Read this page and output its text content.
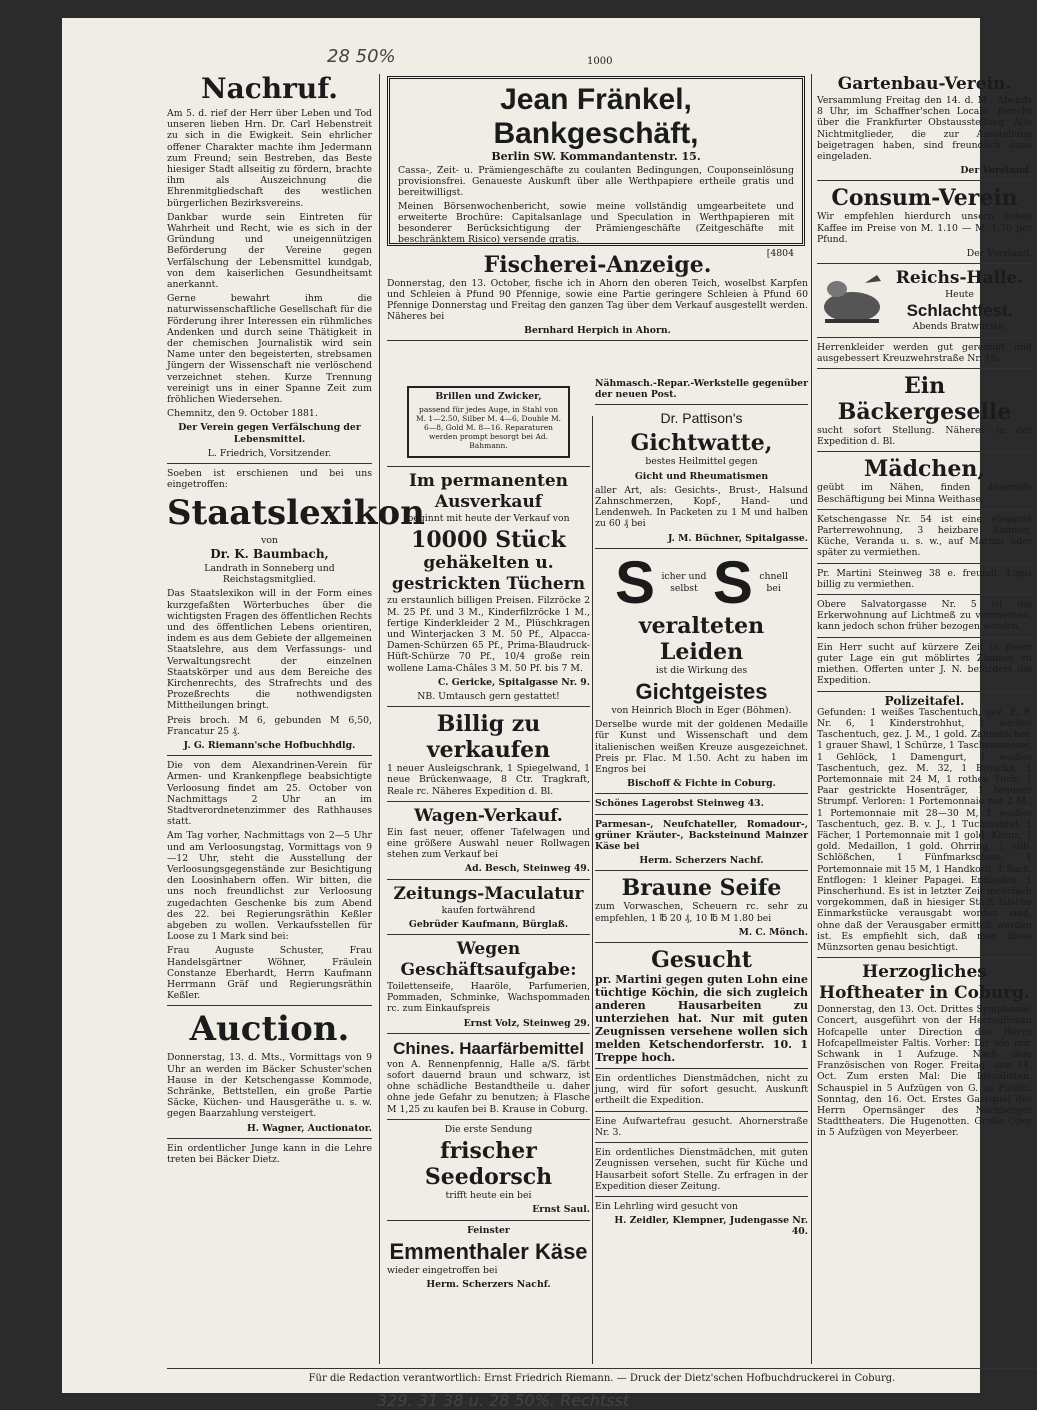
1000
28 50%
Nachruf.

Am 5. d. rief der Herr über Leben und Tod unseren lieben Hrn. Dr. Carl Hebenstreit zu sich in die Ewigkeit. Sein ehrlicher offener Charakter machte ihm Jedermann zum Freund; sein Bestreben, das Beste hiesiger Stadt allseitig zu fördern, brachte ihm als Auszeichnung die Ehrenmitgliedschaft des westlichen bürgerlichen Bezirksvereins.

Dankbar wurde sein Eintreten für Wahrheit und Recht, wie es sich in der Gründung und uneigennützigen Beförderung der Vereine gegen Verfälschung der Lebensmittel kundgab, von dem kaiserlichen Gesundheitsamt anerkannt.

Gerne bewahrt ihm die naturwissenschaftliche Gesellschaft für die Förderung ihrer Interessen ein rühmliches Andenken und durch seine Thätigkeit in der chemischen Journalistik wird sein Name unter den begeisterten, strebsamen Jüngern der Wissenschaft nie verlöschend verzeichnet stehen. Kurze Trennung vereinigt uns in einer Spanne Zeit zum fröhlichen Wiedersehen.

Chemnitz, den 9. October 1881.

Der Verein gegen Verfälschung der Lebensmittel.

L. Friedrich, Vorsitzender.

Soeben ist erschienen und bei uns eingetroffen:

Staatslexikon

von

Dr. K. Baumbach,

Landrath in Sonneberg und Reichstagsmitglied.

Das Staatslexikon will in der Form eines kurzgefaßten Wörterbuches über die wichtigsten Fragen des öffentlichen Rechts und des öffentlichen Lebens orientiren, indem es aus dem Gebiete der allgemeinen Staatslehre, aus dem Verfassungs- und Verwaltungsrecht der einzelnen Staatskörper und aus dem Bereiche des Kirchenrechts, des Strafrechts und des Prozeßrechts die nothwendigsten Mittheilungen bringt.

Preis broch. M 6, gebunden M 6,50, Francatur 25 ₰.

J. G. Riemann'sche Hofbuchhdlg.

Die von dem Alexandrinen-Verein für Armen- und Krankenpflege beabsichtigte Verloosung findet am 25. October von Nachmittags 2 Uhr an im Stadtverordnetenzimmer des Rathhauses statt.

Am Tag vorher, Nachmittags von 2—5 Uhr und am Verloosungstag, Vormittags von 9—12 Uhr, steht die Ausstellung der Verloosungsgegenstände zur Besichtigung den Loosinhabern offen. Wir bitten, die uns noch freundlichst zur Verloosung zugedachten Geschenke bis zum Abend des 22. bei Regierungsräthin Keßler abgeben zu wollen. Verkaufsstellen für Loose zu 1 Mark sind bei:

Frau Auguste Schuster, Frau Handelsgärtner Wöhner, Fräulein Constanze Eberhardt, Herrn Kaufmann Herrmann Gräf und Regierungsräthin Keßler.

Auction.

Donnerstag, 13. d. Mts., Vormittags von 9 Uhr an werden im Bäcker Schuster'schen Hause in der Ketschengasse Kommode, Schränke, Bettstellen, ein große Partie Säcke, Küchen- und Hausgeräthe u. s. w. gegen Baarzahlung versteigert.

H. Wagner, Auctionator.

Ein ordentlicher Junge kann in die Lehre treten bei Bäcker Dietz.

Jean Fränkel, Bankgeschäft,
Berlin SW. Kommandantenstr. 15.

Cassa-, Zeit- u. Prämiengeschäfte zu coulanten Bedingungen, Couponseinlösung provisionsfrei. Genaueste Auskunft über alle Werthpapiere ertheile gratis und bereitwilligst.

Meinen Börsenwochenbericht, sowie meine vollständig umgearbeitete und erweiterte Brochüre: Capitalsanlage und Speculation in Werthpapieren mit besonderer Berücksichtigung der Prämiengeschäfte (Zeitgeschäfte mit beschränktem Risico) versende gratis.

[4804
Fischerei-Anzeige.

Donnerstag, den 13. October, fische ich in Ahorn den oberen Teich, woselbst Karpfen und Schleien à Pfund 90 Pfennige, sowie eine Partie geringere Schleien à Pfund 60 Pfennige Donnerstag und Freitag den ganzen Tag über dem Verkauf ausgestellt werden. Näheres bei

Bernhard Herpich in Ahorn.

Brillen und Zwicker,

passend für jedes Auge, in Stahl von M. 1—2.50, Silber M. 4—6, Double M. 6—8, Gold M. 8—16. Reparaturen werden prompt besorgt bei Ad. Bahmann.

Im permanenten Ausverkauf

beginnt mit heute der Verkauf von

10000 Stück
gehäkelten u. gestrickten Tüchern

zu erstaunlich billigen Preisen. Filzröcke 2 M. 25 Pf. und 3 M., Kinderfilzröcke 1 M., fertige Kinderkleider 2 M., Plüschkragen und Winterjacken 3 M. 50 Pf., Alpacca-Damen-Schürzen 65 Pf., Prima-Blaudruck-Hüft-Schürze 70 Pf., 10/4 große rein wollene Lama-Châles 3 M. 50 Pf. bis 7 M.

C. Gericke, Spitalgasse Nr. 9.

NB. Umtausch gern gestattet!

Billig zu verkaufen

1 neuer Ausleigschrank, 1 Spiegelwand, 1 neue Brückenwaage, 8 Ctr. Tragkraft, Reale rc. Näheres Expedition d. Bl.

Wagen-Verkauf.

Ein fast neuer, offener Tafelwagen und eine größere Auswahl neuer Rollwagen stehen zum Verkauf bei

Ad. Besch, Steinweg 49.

Zeitungs-Maculatur

kaufen fortwährend

Gebrüder Kaufmann, Bürglaß.

Wegen Geschäftsaufgabe:

Toilettenseife, Haaröle, Parfumerien, Pommaden, Schminke, Wachspommaden rc. zum Einkaufspreis

Ernst Volz, Steinweg 29.

Chines. Haarfärbemittel

von A. Rennenpfennig, Halle a/S. färbt sofort dauernd braun und schwarz, ist ohne schädliche Bestandtheile u. daher ohne jede Gefahr zu benutzen; à Flasche M 1,25 zu kaufen bei B. Krause in Coburg.

Die erste Sendung

frischer Seedorsch

trifft heute ein bei

Ernst Saul.

Feinster

Emmenthaler Käse

wieder eingetroffen bei

Herm. Scherzers Nachf.

Nähmasch.-Repar.-Werkstelle gegenüber der neuen Post.

Dr. Pattison's

Gichtwatte,

bestes Heilmittel gegen

Gicht und Rheumatismen

aller Art, als: Gesichts-, Brust-, Halsund Zahnschmerzen, Kopf-, Hand- und Lendenweh. In Packeten zu 1 M und halben zu 60 ₰ bei

J. M. Büchner, Spitalgasse.

S icher und
selbst S chnell
bei
veralteten Leiden

ist die Wirkung des

Gichtgeistes

von Heinrich Bloch in Eger (Böhmen).

Derselbe wurde mit der goldenen Medaille für Kunst und Wissenschaft und dem italienischen weißen Kreuze ausgezeichnet. Preis pr. Flac. M 1.50. Acht zu haben im Engros bei

Bischoff & Fichte in Coburg.

Schönes Lagerobst Steinweg 43.

Parmesan-, Neufchateller, Romadour-, grüner Kräuter-, Backsteinund Mainzer Käse bei

Herm. Scherzers Nachf.

Braune Seife

zum Vorwaschen, Scheuern rc. sehr zu empfehlen, 1 ℔ 20 ₰, 10 ℔ M 1.80 bei

M. C. Mönch.

Gesucht

pr. Martini gegen guten Lohn eine tüchtige Köchin, die sich zugleich anderen Hausarbeiten zu unterziehen hat. Nur mit guten Zeugnissen versehene wollen sich melden Ketschendorferstr. 10. 1 Treppe hoch.

Ein ordentliches Dienstmädchen, nicht zu jung, wird für sofort gesucht. Auskunft ertheilt die Expedition.

Eine Aufwartefrau gesucht. Ahornerstraße Nr. 3.

Ein ordentliches Dienstmädchen, mit guten Zeugnissen versehen, sucht für Küche und Hausarbeit sofort Stelle. Zu erfragen in der Expedition dieser Zeitung.

Ein Lehrling wird gesucht von

H. Zeidler, Klempner, Judengasse Nr. 40.

Gartenbau-Verein.

Versammlung Freitag den 14. d. M., Abends 8 Uhr, im Schaffner'schen Locale. Bericht über die Frankfurter Obstausstellung. Alle Nichtmitglieder, die zur Ausstellung beigetragen haben, sind freundlich dazu eingeladen.

Der Vorstand.

Consum-Verein

Wir empfehlen hierdurch unsern rohen Kaffee im Preise von M. 1.10 — M. 1.70 per Pfund.

Der Vorstand.

Reichs-Halle.
Heute
Schlachtfest.
Abends Bratwürste.

Herrenkleider werden gut gereinigt und ausgebessert Kreuzwehrstraße Nr. 16.

Ein Bäckergeselle

sucht sofort Stellung. Näheres in der Expedition d. Bl.

Mädchen,

geübt im Nähen, finden dauernde Beschäftigung bei Minna Weithase.

Ketschengasse Nr. 54 ist eine elegante Parterrewohnung, 3 heizbare Zimmer, Küche, Veranda u. s. w., auf Martini oder später zu vermiethen.

Pr. Martini Steinweg 38 e. freundl. Logis billig zu vermiethen.

Obere Salvatorgasse Nr. 5 ist die Erkerwohnung auf Lichtmeß zu vermiethen, kann jedoch schon früher bezogen werden.

Ein Herr sucht auf kürzere Zeit in freier guter Lage ein gut möblirtes Zimmer zu miethen. Offerten unter J. N. befördert die Expedition.

Polizeitafel.

Gefunden: 1 weißes Taschentuch, gez. E. F. Nr. 6, 1 Kinderstrohhut, 1 weißes Taschentuch, gez. J. M., 1 gold. Zahnstocher, 1 grauer Shawl, 1 Schürze, 1 Taschenmesser, 1 Gehlöck, 1 Damengurt, 1 weißes Taschentuch, gez. M. 32, 1 Brosche, 1 Portemonnaie mit 24 M, 1 rothes Tuch, 1 Paar gestrickte Hosenträger, 1 brauner Strumpf. Verloren: 1 Portemonnaie mit 2 M., 1 Portemonnaie mit 28—30 M, 1 weißes Taschentuch, gez. B. v. J., 1 Tuchmantel, 1 Fächer, 1 Portemonnaie mit 1 gold. Kreuz, 1 gold. Medaillon, 1 gold. Ohrring, 1 silb. Schlößchen, 1 Fünfmarkschein, 1 Portemonnaie mit 15 M, 1 Handkorb, 1 Sack. Entflogen: 1 kleiner Papagei. Entlaufen: 1 Pinscherhund. Es ist in letzter Zeit mehrfach vorgekommen, daß in hiesiger Stadt falsche Einmarkstücke verausgabt worden sind, ohne daß der Verausgaber ermittelt worden ist. Es empfiehlt sich, daß man diese Münzsorten genau besichtigt.

Herzogliches Hoftheater in Coburg.

Donnerstag, den 13. Oct. Drittes Symphonie-Concert, ausgeführt von der Herzoglichen Hofcapelle unter Direction des Herrn Hofcapellmeister Faltis. Vorher: Dir wie mir. Schwank in 1 Aufzuge. Nach dem Französischen von Roger. Freitag, den 14. Oct. Zum ersten Mal: Die Ideaalisten. Schauspiel in 5 Aufzügen von G. zu Putlitz. Sonntag, den 16. Oct. Erstes Gastspiel des Herrn Opernsänger des Nürnberger Stadttheaters. Die Hugenotten. Große Oper in 5 Aufzügen von Meyerbeer.

Für die Redaction verantwortlich: Ernst Friedrich Riemann. — Druck der Dietz'schen Hofbuchdruckerei in Coburg.
329. 31 38 u. 28 50%. Rechtsst
